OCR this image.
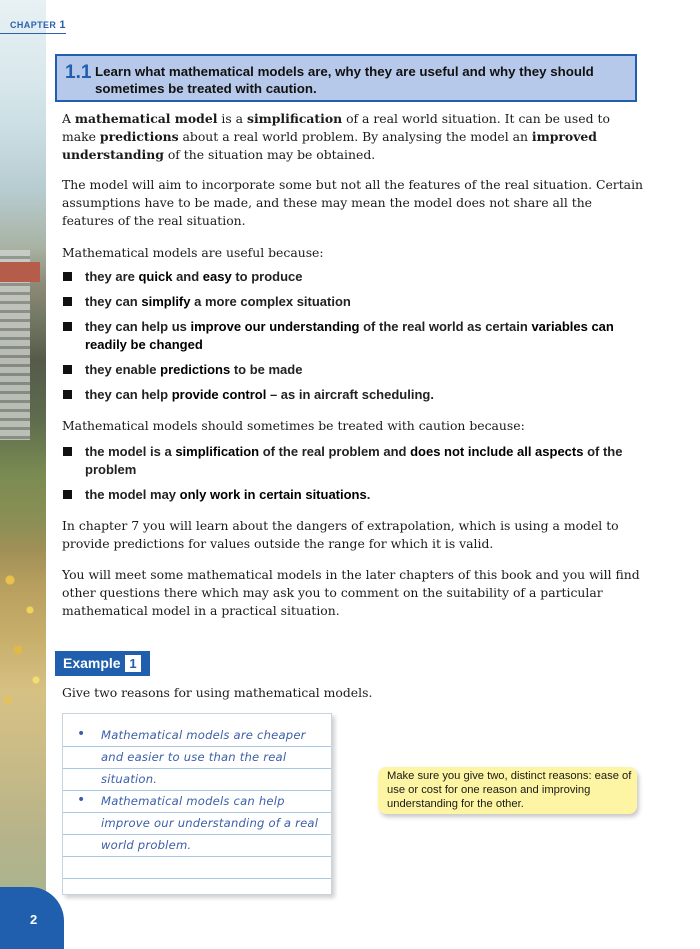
CHAPTER 1
1.1 Learn what mathematical models are, why they are useful and why they should sometimes be treated with caution.

A mathematical model is a simplification of a real world situation. It can be used to make predictions about a real world problem. By analysing the model an improved understanding of the situation may be obtained.

The model will aim to incorporate some but not all the features of the real situation. Certain assumptions have to be made, and these may mean the model does not share all the features of the real situation.

Mathematical models are useful because:

they are quick and easy to produce
they can simplify a more complex situation
they can help us improve our understanding of the real world as certain variables can readily be changed
they enable predictions to be made
they can help provide control – as in aircraft scheduling.

Mathematical models should sometimes be treated with caution because:

the model is a simplification of the real problem and does not include all aspects of the problem
the model may only work in certain situations.

In chapter 7 you will learn about the dangers of extrapolation, which is using a model to provide predictions for values outside the range for which it is valid.

You will meet some mathematical models in the later chapters of this book and you will find other questions there which may ask you to comment on the suitability of a particular mathematical model in a practical situation.

Example 1

Give two reasons for using mathematical models.

• Mathematical models are cheaper
and easier to use than the real
situation.
• Mathematical models can help
improve our understanding of a real
world problem.
Make sure you give two, distinct reasons: ease of use or cost for one reason and improving understanding for the other.
2
